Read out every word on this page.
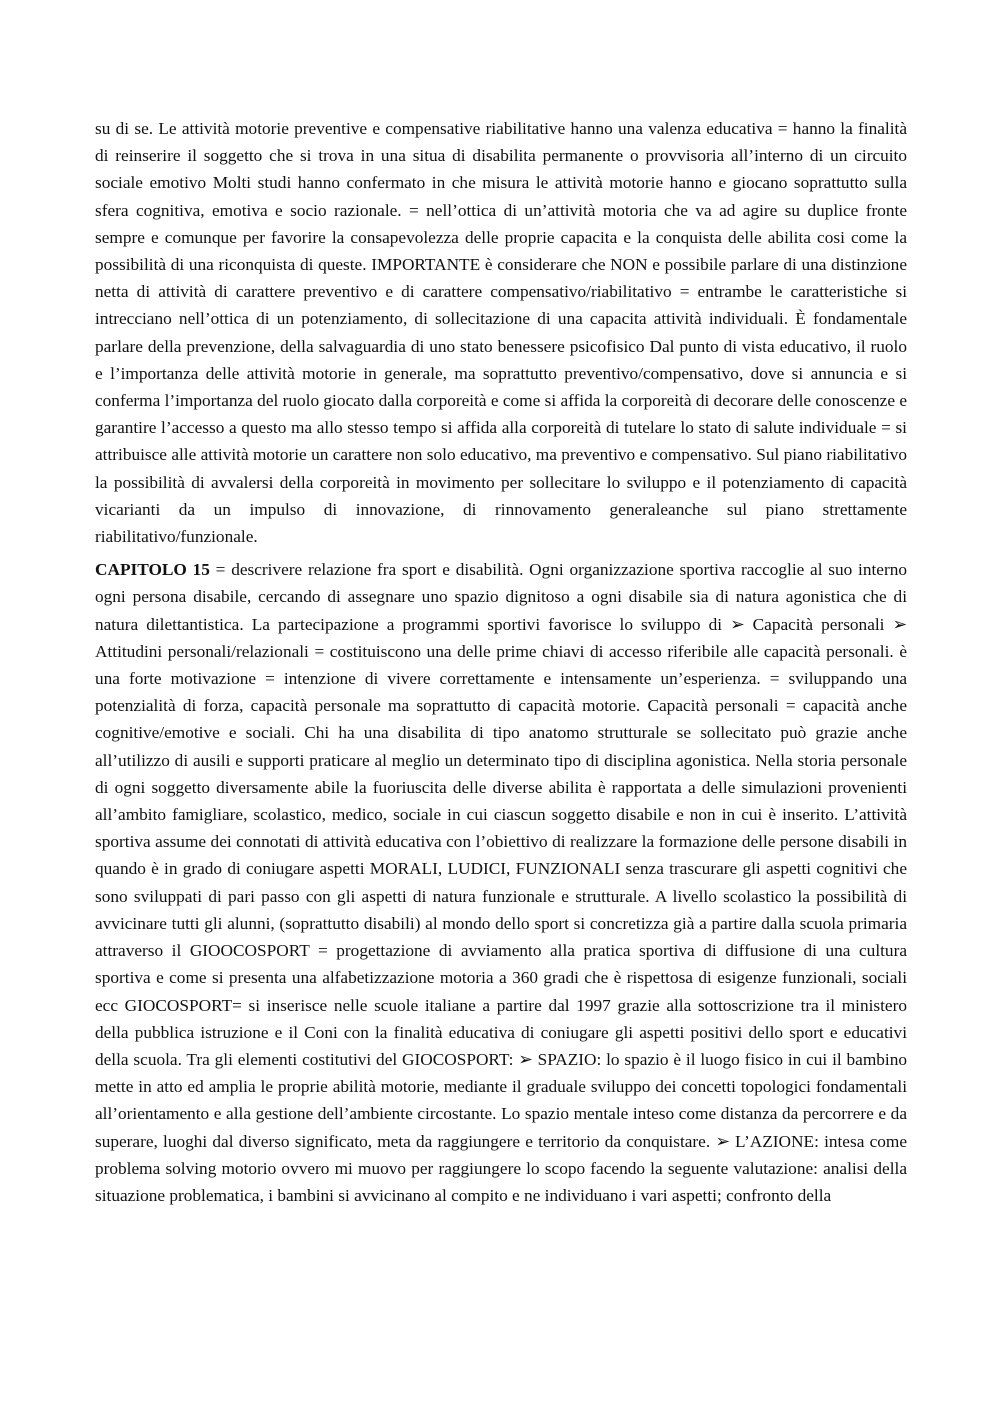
su di se. Le attività motorie preventive e compensative riabilitative hanno una valenza educativa = hanno la finalità di reinserire il soggetto che si trova in una situa di disabilita permanente o provvisoria all’interno di un circuito sociale emotivo Molti studi hanno confermato in che misura le attività motorie hanno e giocano soprattutto sulla sfera cognitiva, emotiva e socio razionale. = nell’ottica di un’attività motoria che va ad agire su duplice fronte sempre e comunque per favorire la consapevolezza delle proprie capacita e la conquista delle abilita cosi come la possibilità di una riconquista di queste. IMPORTANTE è considerare che NON e possibile parlare di una distinzione netta di attività di carattere preventivo e di carattere compensativo/riabilitativo = entrambe le caratteristiche si intrecciano nell’ottica di un potenziamento, di sollecitazione di una capacita attività individuali. È fondamentale parlare della prevenzione, della salvaguardia di uno stato benessere psicofisico Dal punto di vista educativo, il ruolo e l’importanza delle attività motorie in generale, ma soprattutto preventivo/compensativo, dove si annuncia e si conferma l’importanza del ruolo giocato dalla corporeità e come si affida la corporeità di decorare delle conoscenze e garantire l’accesso a questo ma allo stesso tempo si affida alla corporeità di tutelare lo stato di salute individuale = si attribuisce alle attività motorie un carattere non solo educativo, ma preventivo e compensativo. Sul piano riabilitativo la possibilità di avvalersi della corporeità in movimento per sollecitare lo sviluppo e il potenziamento di capacità vicarianti da un impulso di innovazione, di rinnovamento generaleanche sul piano strettamente riabilitativo/funzionale.

CAPITOLO 15 = descrivere relazione fra sport e disabilità. Ogni organizzazione sportiva raccoglie al suo interno ogni persona disabile, cercando di assegnare uno spazio dignitoso a ogni disabile sia di natura agonistica che di natura dilettantistica. La partecipazione a programmi sportivi favorisce lo sviluppo di ➢ Capacità personali ➢ Attitudini personali/relazionali = costituiscono una delle prime chiavi di accesso riferibile alle capacità personali. è una forte motivazione = intenzione di vivere correttamente e intensamente un’esperienza. = sviluppando una potenzialità di forza, capacità personale ma soprattutto di capacità motorie. Capacità personali = capacità anche cognitive/emotive e sociali. Chi ha una disabilita di tipo anatomo strutturale se sollecitato può grazie anche all’utilizzo di ausili e supporti praticare al meglio un determinato tipo di disciplina agonistica. Nella storia personale di ogni soggetto diversamente abile la fuoriuscita delle diverse abilita è rapportata a delle simulazioni provenienti all’ambito famigliare, scolastico, medico, sociale in cui ciascun soggetto disabile e non in cui è inserito. L’attività sportiva assume dei connotati di attività educativa con l’obiettivo di realizzare la formazione delle persone disabili in quando è in grado di coniugare aspetti MORALI, LUDICI, FUNZIONALI senza trascurare gli aspetti cognitivi che sono sviluppati di pari passo con gli aspetti di natura funzionale e strutturale. A livello scolastico la possibilità di avvicinare tutti gli alunni, (soprattutto disabili) al mondo dello sport si concretizza già a partire dalla scuola primaria attraverso il GIOOCOSPORT = progettazione di avviamento alla pratica sportiva di diffusione di una cultura sportiva e come si presenta una alfabetizzazione motoria a 360 gradi che è rispettosa di esigenze funzionali, sociali ecc GIOCOSPORT= si inserisce nelle scuole italiane a partire dal 1997 grazie alla sottoscrizione tra il ministero della pubblica istruzione e il Coni con la finalità educativa di coniugare gli aspetti positivi dello sport e educativi della scuola. Tra gli elementi costitutivi del GIOCOSPORT: ➢ SPAZIO: lo spazio è il luogo fisico in cui il bambino mette in atto ed amplia le proprie abilità motorie, mediante il graduale sviluppo dei concetti topologici fondamentali all’orientamento e alla gestione dell’ambiente circostante. Lo spazio mentale inteso come distanza da percorrere e da superare, luoghi dal diverso significato, meta da raggiungere e territorio da conquistare. ➢ L’AZIONE: intesa come problema solving motorio ovvero mi muovo per raggiungere lo scopo facendo la seguente valutazione: analisi della situazione problematica, i bambini si avvicinano al compito e ne individuano i vari aspetti; confronto della
